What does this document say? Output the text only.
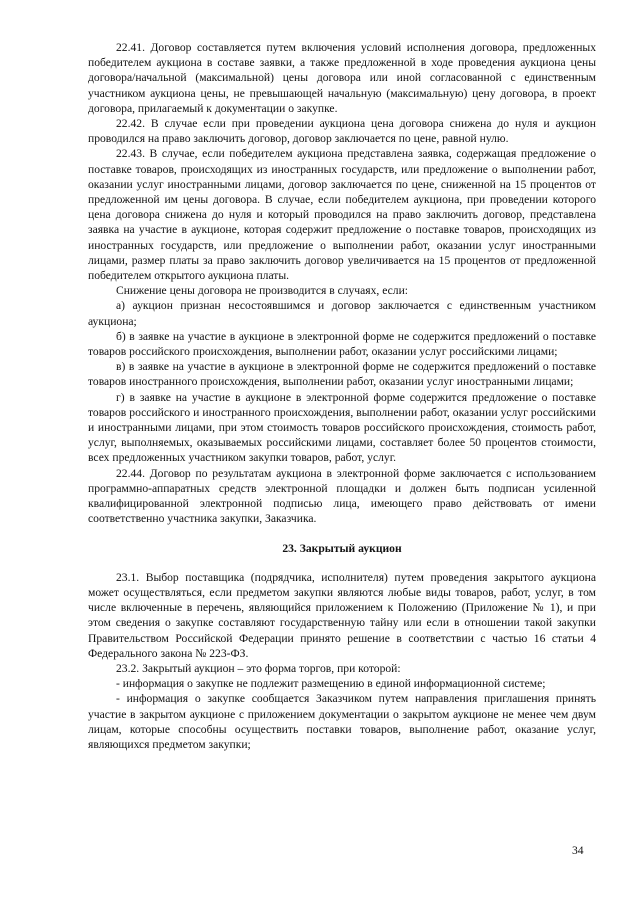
22.41. Договор составляется путем включения условий исполнения договора, предложенных победителем аукциона в составе заявки, а также предложенной в ходе проведения аукциона цены договора/начальной (максимальной) цены договора или иной согласованной с единственным участником аукциона цены, не превышающей начальную (максимальную) цену договора, в проект договора, прилагаемый к документации о закупке.

22.42. В случае если при проведении аукциона цена договора снижена до нуля и аукцион проводился на право заключить договор, договор заключается по цене, равной нулю.

22.43. В случае, если победителем аукциона представлена заявка, содержащая предложение о поставке товаров, происходящих из иностранных государств, или предложение о выполнении работ, оказании услуг иностранными лицами, договор заключается по цене, сниженной на 15 процентов от предложенной им цены договора. В случае, если победителем аукциона, при проведении которого цена договора снижена до нуля и который проводился на право заключить договор, представлена заявка на участие в аукционе, которая содержит предложение о поставке товаров, происходящих из иностранных государств, или предложение о выполнении работ, оказании услуг иностранными лицами, размер платы за право заключить договор увеличивается на 15 процентов от предложенной победителем открытого аукциона платы.

Снижение цены договора не производится в случаях, если:

а) аукцион признан несостоявшимся и договор заключается с единственным участником аукциона;

б) в заявке на участие в аукционе в электронной форме не содержится предложений о поставке товаров российского происхождения, выполнении работ, оказании услуг российскими лицами;

в) в заявке на участие в аукционе в электронной форме не содержится предложений о поставке товаров иностранного происхождения, выполнении работ, оказании услуг иностранными лицами;

г) в заявке на участие в аукционе в электронной форме содержится предложение о поставке товаров российского и иностранного происхождения, выполнении работ, оказании услуг российскими и иностранными лицами, при этом стоимость товаров российского происхождения, стоимость работ, услуг, выполняемых, оказываемых российскими лицами, составляет более 50 процентов стоимости, всех предложенных участником закупки товаров, работ, услуг.

22.44. Договор по результатам аукциона в электронной форме заключается с использованием программно-аппаратных средств электронной площадки и должен быть подписан усиленной квалифицированной электронной подписью лица, имеющего право действовать от имени соответственно участника закупки, Заказчика.

23. Закрытый аукцион

23.1. Выбор поставщика (подрядчика, исполнителя) путем проведения закрытого аукциона может осуществляться, если предметом закупки являются любые виды товаров, работ, услуг, в том числе включенные в перечень, являющийся приложением к Положению (Приложение № 1), и при этом сведения о закупке составляют государственную тайну или если в отношении такой закупки Правительством Российской Федерации принято решение в соответствии с частью 16 статьи 4 Федерального закона № 223-ФЗ.

23.2. Закрытый аукцион – это форма торгов, при которой:

- информация о закупке не подлежит размещению в единой информационной системе;

- информация о закупке сообщается Заказчиком путем направления приглашения принять участие в закрытом аукционе с приложением документации о закрытом аукционе не менее чем двум лицам, которые способны осуществить поставки товаров, выполнение работ, оказание услуг, являющихся предметом закупки;

34
